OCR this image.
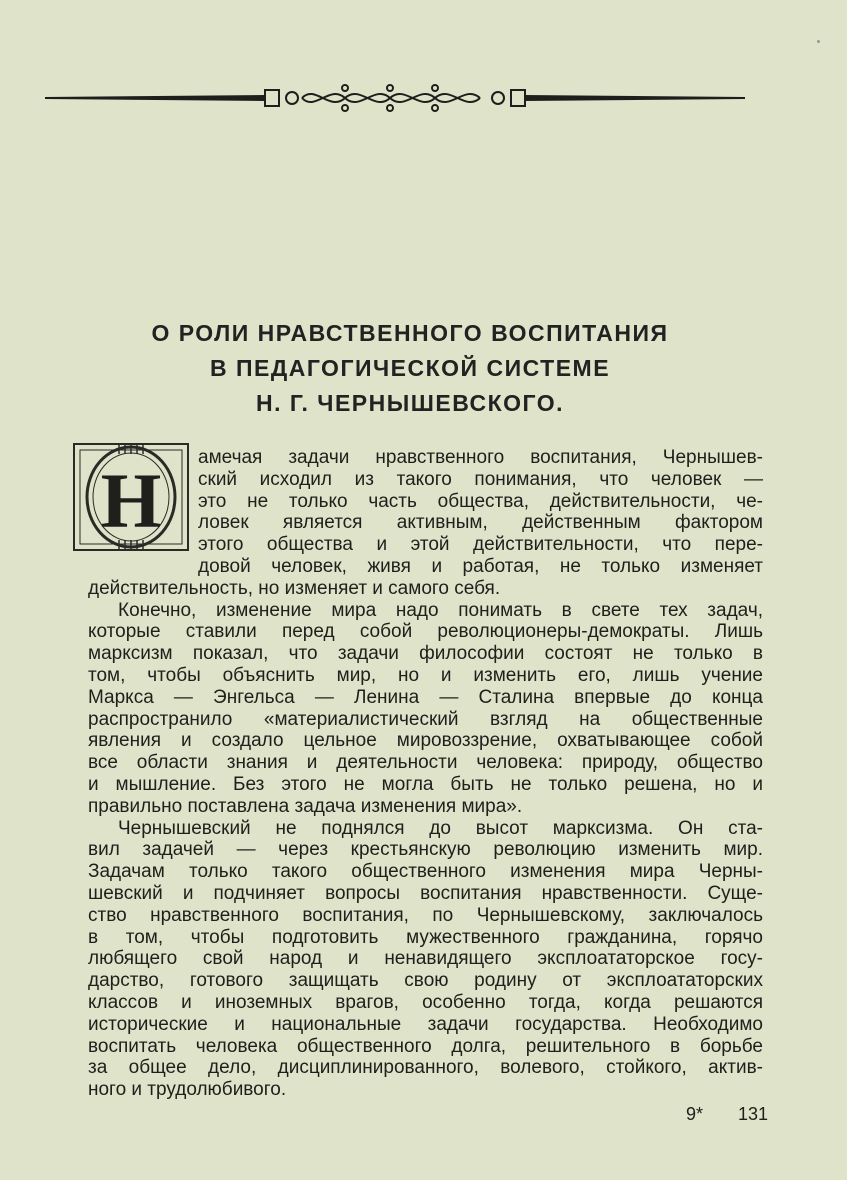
О РОЛИ НРАВСТВЕННОГО ВОСПИТАНИЯ
В ПЕДАГОГИЧЕСКОЙ СИСТЕМЕ
Н. Г. ЧЕРНЫШЕВСКОГО.
Н амечая задачи нравственного воспитания, Чернышев-
ский исходил из такого понимания, что человек —
это не только часть общества, действительности, че-
ловек является активным, действенным фактором
этого общества и этой действительности, что пере-
довой человек, живя и работая, не только изменяет
действительность, но изменяет и самого себя.
Конечно, изменение мира надо понимать в свете тех задач,
которые ставили перед собой революционеры-демократы. Лишь
марксизм показал, что задачи философии состоят не только в
том, чтобы объяснить мир, но и изменить его, лишь учение
Маркса — Энгельса — Ленина — Сталина впервые до конца
распространило «материалистический взгляд на общественные
явления и создало цельное мировоззрение, охватывающее собой
все области знания и деятельности человека: природу, общество
и мышление. Без этого не могла быть не только решена, но и
правильно поставлена задача изменения мира».
Чернышевский не поднялся до высот марксизма. Он ста-
вил задачей — через крестьянскую революцию изменить мир.
Задачам только такого общественного изменения мира Черны-
шевский и подчиняет вопросы воспитания нравственности. Суще-
ство нравственного воспитания, по Чернышевскому, заключалось
в том, чтобы подготовить мужественного гражданина, горячо
любящего свой народ и ненавидящего эксплоататорское госу-
дарство, готового защищать свою родину от эксплоататорских
классов и иноземных врагов, особенно тогда, когда решаются
исторические и национальные задачи государства. Необходимо
воспитать человека общественного долга, решительного в борьбе
за общее дело, дисциплинированного, волевого, стойкого, актив-
ного и трудолюбивого.
9* 131
